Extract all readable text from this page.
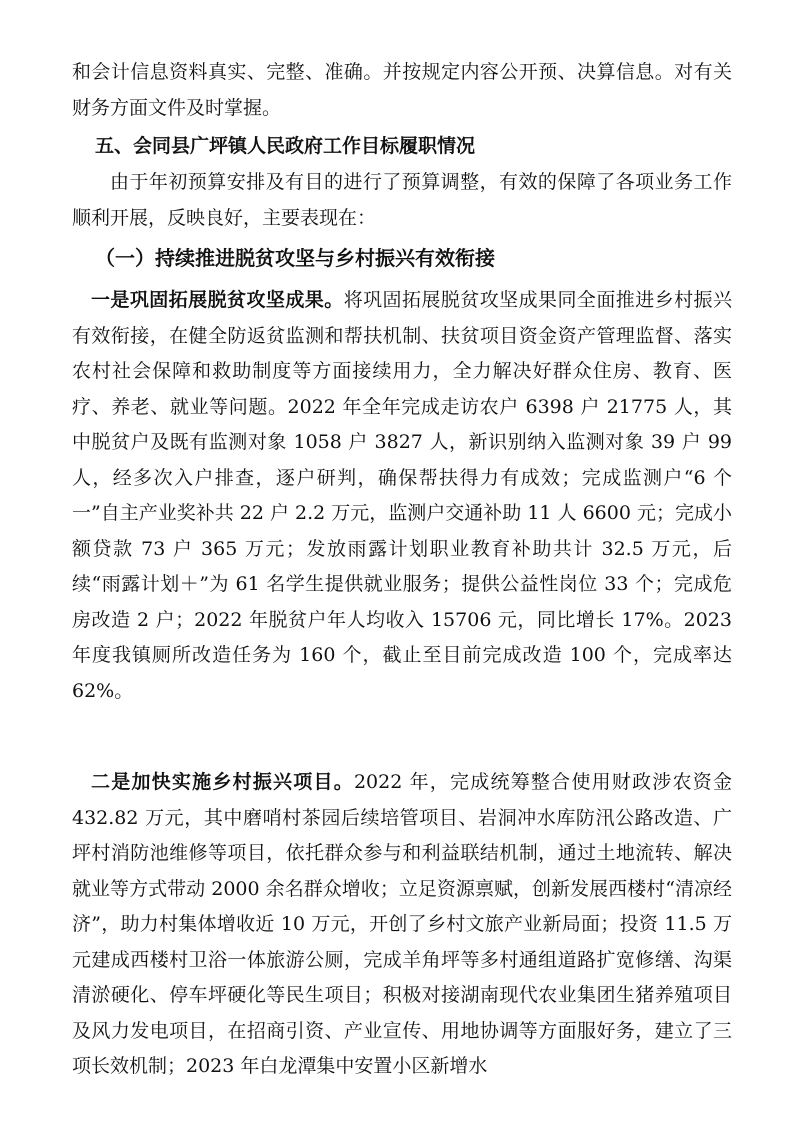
和会计信息资料真实、完整、准确。并按规定内容公开预、决算信息。对有关财务方面文件及时掌握。

五、会同县广坪镇人民政府工作目标履职情况

由于年初预算安排及有目的进行了预算调整，有效的保障了各项业务工作顺利开展，反映良好，主要表现在：

（一）持续推进脱贫攻坚与乡村振兴有效衔接

一是巩固拓展脱贫攻坚成果。将巩固拓展脱贫攻坚成果同全面推进乡村振兴有效衔接，在健全防返贫监测和帮扶机制、扶贫项目资金资产管理监督、落实农村社会保障和救助制度等方面接续用力，全力解决好群众住房、教育、医疗、养老、就业等问题。2022 年全年完成走访农户 6398 户 21775 人，其中脱贫户及既有监测对象 1058 户 3827 人，新识别纳入监测对象 39 户 99 人，经多次入户排查，逐户研判，确保帮扶得力有成效；完成监测户“6 个一”自主产业奖补共 22 户 2.2 万元，监测户交通补助 11 人 6600 元；完成小额贷款 73 户 365 万元；发放雨露计划职业教育补助共计 32.5 万元，后续“雨露计划＋”为 61 名学生提供就业服务；提供公益性岗位 33 个；完成危房改造 2 户；2022 年脱贫户年人均收入 15706 元，同比增长 17%。2023 年度我镇厕所改造任务为 160 个，截止至目前完成改造 100 个，完成率达 62%。

二是加快实施乡村振兴项目。2022 年，完成统筹整合使用财政涉农资金 432.82 万元，其中磨哨村茶园后续培管项目、岩洞冲水库防汛公路改造、广坪村消防池维修等项目，依托群众参与和利益联结机制，通过土地流转、解决就业等方式带动 2000 余名群众增收；立足资源禀赋，创新发展西楼村“清凉经济”，助力村集体增收近 10 万元，开创了乡村文旅产业新局面；投资 11.5 万元建成西楼村卫浴一体旅游公厕，完成羊角坪等多村通组道路扩宽修缮、沟渠清淤硬化、停车坪硬化等民生项目；积极对接湖南现代农业集团生猪养殖项目及风力发电项目，在招商引资、产业宣传、用地协调等方面服好务，建立了三项长效机制；2023 年白龙潭集中安置小区新增水
